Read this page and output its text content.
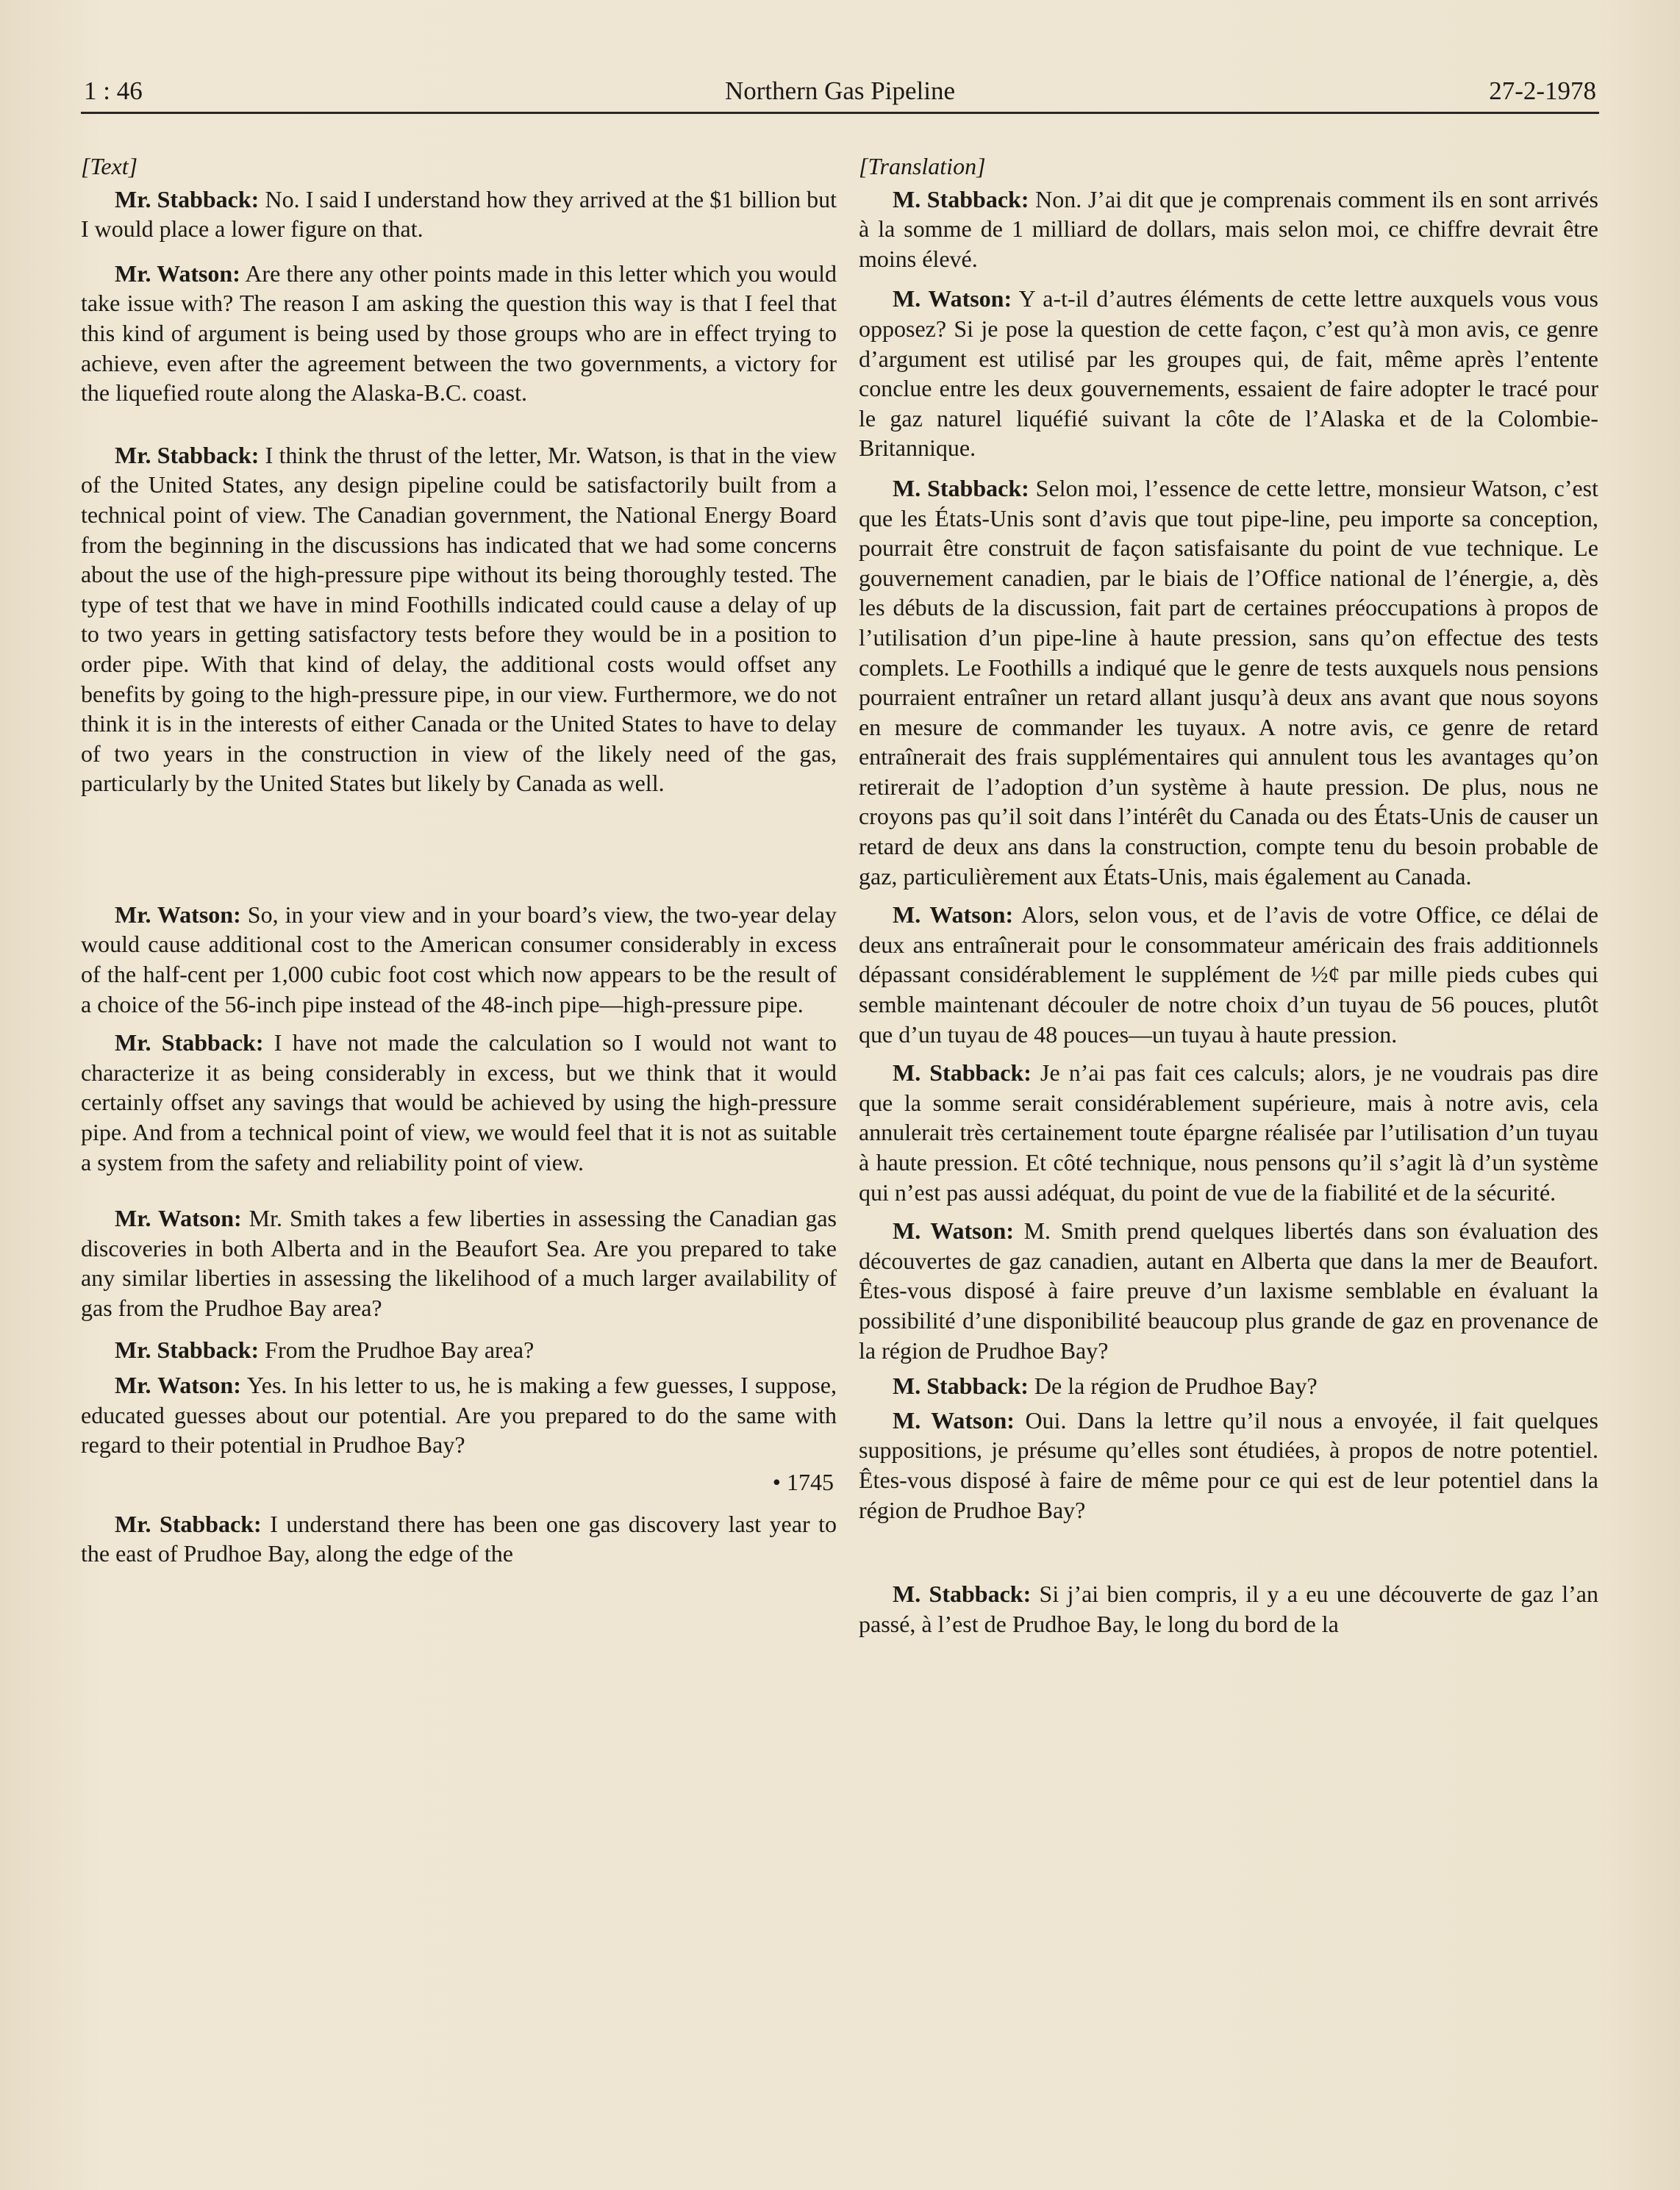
1 : 46	Northern Gas Pipeline	27-2-1978

[Text]

Mr. Stabback: No. I said I understand how they arrived at the $1 billion but I would place a lower figure on that.

Mr. Watson: Are there any other points made in this letter which you would take issue with? The reason I am asking the question this way is that I feel that this kind of argument is being used by those groups who are in effect trying to achieve, even after the agreement between the two governments, a victory for the liquefied route along the Alaska-B.C. coast.

Mr. Stabback: I think the thrust of the letter, Mr. Watson, is that in the view of the United States, any design pipeline could be satisfactorily built from a technical point of view. The Canadian government, the National Energy Board from the beginning in the discussions has indicated that we had some concerns about the use of the high-pressure pipe without its being thoroughly tested. The type of test that we have in mind Foothills indicated could cause a delay of up to two years in getting satisfactory tests before they would be in a position to order pipe. With that kind of delay, the additional costs would offset any benefits by going to the high-pressure pipe, in our view. Furthermore, we do not think it is in the interests of either Canada or the United States to have to delay of two years in the construction in view of the likely need of the gas, particularly by the United States but likely by Canada as well.

Mr. Watson: So, in your view and in your board’s view, the two-year delay would cause additional cost to the American consumer considerably in excess of the half-cent per 1,000 cubic foot cost which now appears to be the result of a choice of the 56-inch pipe instead of the 48-inch pipe—high-pressure pipe.

Mr. Stabback: I have not made the calculation so I would not want to characterize it as being considerably in excess, but we think that it would certainly offset any savings that would be achieved by using the high-pressure pipe. And from a technical point of view, we would feel that it is not as suitable a system from the safety and reliability point of view.

Mr. Watson: Mr. Smith takes a few liberties in assessing the Canadian gas discoveries in both Alberta and in the Beaufort Sea. Are you prepared to take any similar liberties in assessing the likelihood of a much larger availability of gas from the Prudhoe Bay area?

Mr. Stabback: From the Prudhoe Bay area?

Mr. Watson: Yes. In his letter to us, he is making a few guesses, I suppose, educated guesses about our potential. Are you prepared to do the same with regard to their potential in Prudhoe Bay?

• 1745

Mr. Stabback: I understand there has been one gas discovery last year to the east of Prudhoe Bay, along the edge of the

[Translation]

M. Stabback: Non. J’ai dit que je comprenais comment ils en sont arrivés à la somme de 1 milliard de dollars, mais selon moi, ce chiffre devrait être moins élevé.

M. Watson: Y a-t-il d’autres éléments de cette lettre auxquels vous vous opposez? Si je pose la question de cette façon, c’est qu’à mon avis, ce genre d’argument est utilisé par les groupes qui, de fait, même après l’entente conclue entre les deux gouvernements, essaient de faire adopter le tracé pour le gaz naturel liquéfié suivant la côte de l’Alaska et de la Colombie-Britannique.

M. Stabback: Selon moi, l’essence de cette lettre, monsieur Watson, c’est que les États-Unis sont d’avis que tout pipe-line, peu importe sa conception, pourrait être construit de façon satisfaisante du point de vue technique. Le gouvernement canadien, par le biais de l’Office national de l’énergie, a, dès les débuts de la discussion, fait part de certaines préoccupations à propos de l’utilisation d’un pipe-line à haute pression, sans qu’on effectue des tests complets. Le Foothills a indiqué que le genre de tests auxquels nous pensions pourraient entraîner un retard allant jusqu’à deux ans avant que nous soyons en mesure de commander les tuyaux. A notre avis, ce genre de retard entraînerait des frais supplémentaires qui annulent tous les avantages qu’on retirerait de l’adoption d’un système à haute pression. De plus, nous ne croyons pas qu’il soit dans l’intérêt du Canada ou des États-Unis de causer un retard de deux ans dans la construction, compte tenu du besoin probable de gaz, particulièrement aux États-Unis, mais également au Canada.

M. Watson: Alors, selon vous, et de l’avis de votre Office, ce délai de deux ans entraînerait pour le consommateur américain des frais additionnels dépassant considérablement le supplément de ½¢ par mille pieds cubes qui semble maintenant découler de notre choix d’un tuyau de 56 pouces, plutôt que d’un tuyau de 48 pouces—un tuyau à haute pression.

M. Stabback: Je n’ai pas fait ces calculs; alors, je ne voudrais pas dire que la somme serait considérablement supérieure, mais à notre avis, cela annulerait très certainement toute épargne réalisée par l’utilisation d’un tuyau à haute pression. Et côté technique, nous pensons qu’il s’agit là d’un système qui n’est pas aussi adéquat, du point de vue de la fiabilité et de la sécurité.

M. Watson: M. Smith prend quelques libertés dans son évaluation des découvertes de gaz canadien, autant en Alberta que dans la mer de Beaufort. Êtes-vous disposé à faire preuve d’un laxisme semblable en évaluant la possibilité d’une disponibilité beaucoup plus grande de gaz en provenance de la région de Prudhoe Bay?

M. Stabback: De la région de Prudhoe Bay?

M. Watson: Oui. Dans la lettre qu’il nous a envoyée, il fait quelques suppositions, je présume qu’elles sont étudiées, à propos de notre potentiel. Êtes-vous disposé à faire de même pour ce qui est de leur potentiel dans la région de Prudhoe Bay?

M. Stabback: Si j’ai bien compris, il y a eu une découverte de gaz l’an passé, à l’est de Prudhoe Bay, le long du bord de la
